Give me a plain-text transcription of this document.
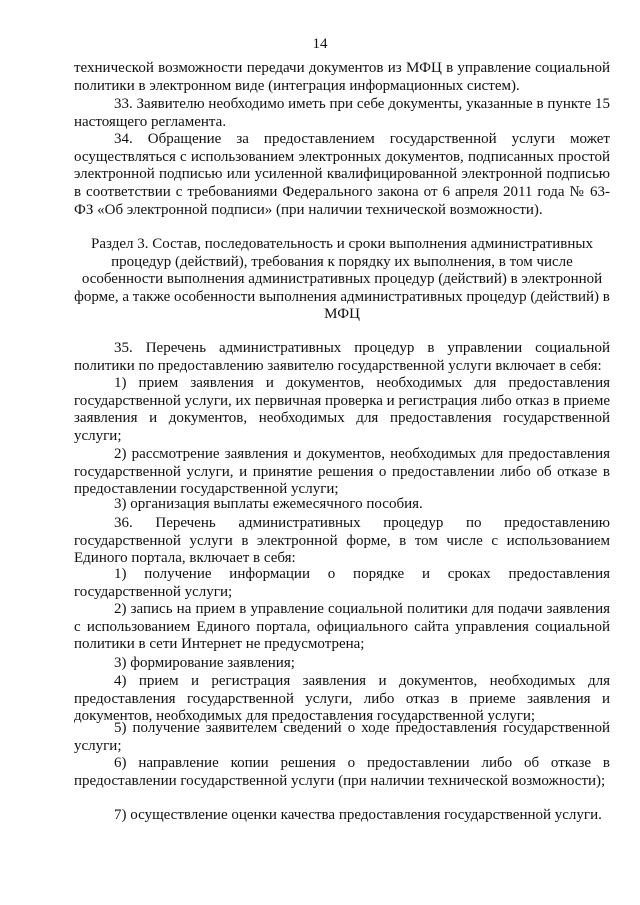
14
технической возможности передачи документов из МФЦ в управление социальной политики в электронном виде (интеграция информационных систем).
33. Заявителю необходимо иметь при себе документы, указанные в пункте 15 настоящего регламента.
34. Обращение за предоставлением государственной услуги может осуществляться с использованием электронных документов, подписанных простой электронной подписью или усиленной квалифицированной электронной подписью в соответствии с требованиями Федерального закона от 6 апреля 2011 года № 63-ФЗ «Об электронной подписи» (при наличии технической возможности).
Раздел 3. Состав, последовательность и сроки выполнения административных процедур (действий), требования к порядку их выполнения, в том числе особенности выполнения административных процедур (действий) в электронной форме, а также особенности выполнения административных процедур (действий) в МФЦ
35. Перечень административных процедур в управлении социальной политики по предоставлению заявителю государственной услуги включает в себя:
1) прием заявления и документов, необходимых для предоставления государственной услуги, их первичная проверка и регистрация либо отказ в приеме заявления и документов, необходимых для предоставления государственной услуги;
2) рассмотрение заявления и документов, необходимых для предоставления государственной услуги, и принятие решения о предоставлении либо об отказе в предоставлении государственной услуги;
3) организация выплаты ежемесячного пособия.
36. Перечень административных процедур по предоставлению государственной услуги в электронной форме, в том числе с использованием Единого портала, включает в себя:
1) получение информации о порядке и сроках предоставления государственной услуги;
2) запись на прием в управление социальной политики для подачи заявления с использованием Единого портала, официального сайта управления социальной политики в сети Интернет не предусмотрена;
3) формирование заявления;
4) прием и регистрация заявления и документов, необходимых для предоставления государственной услуги, либо отказ в приеме заявления и документов, необходимых для предоставления государственной услуги;
5) получение заявителем сведений о ходе предоставления государственной услуги;
6) направление копии решения о предоставлении либо об отказе в предоставлении государственной услуги (при наличии технической возможности);
7) осуществление оценки качества предоставления государственной услуги.
